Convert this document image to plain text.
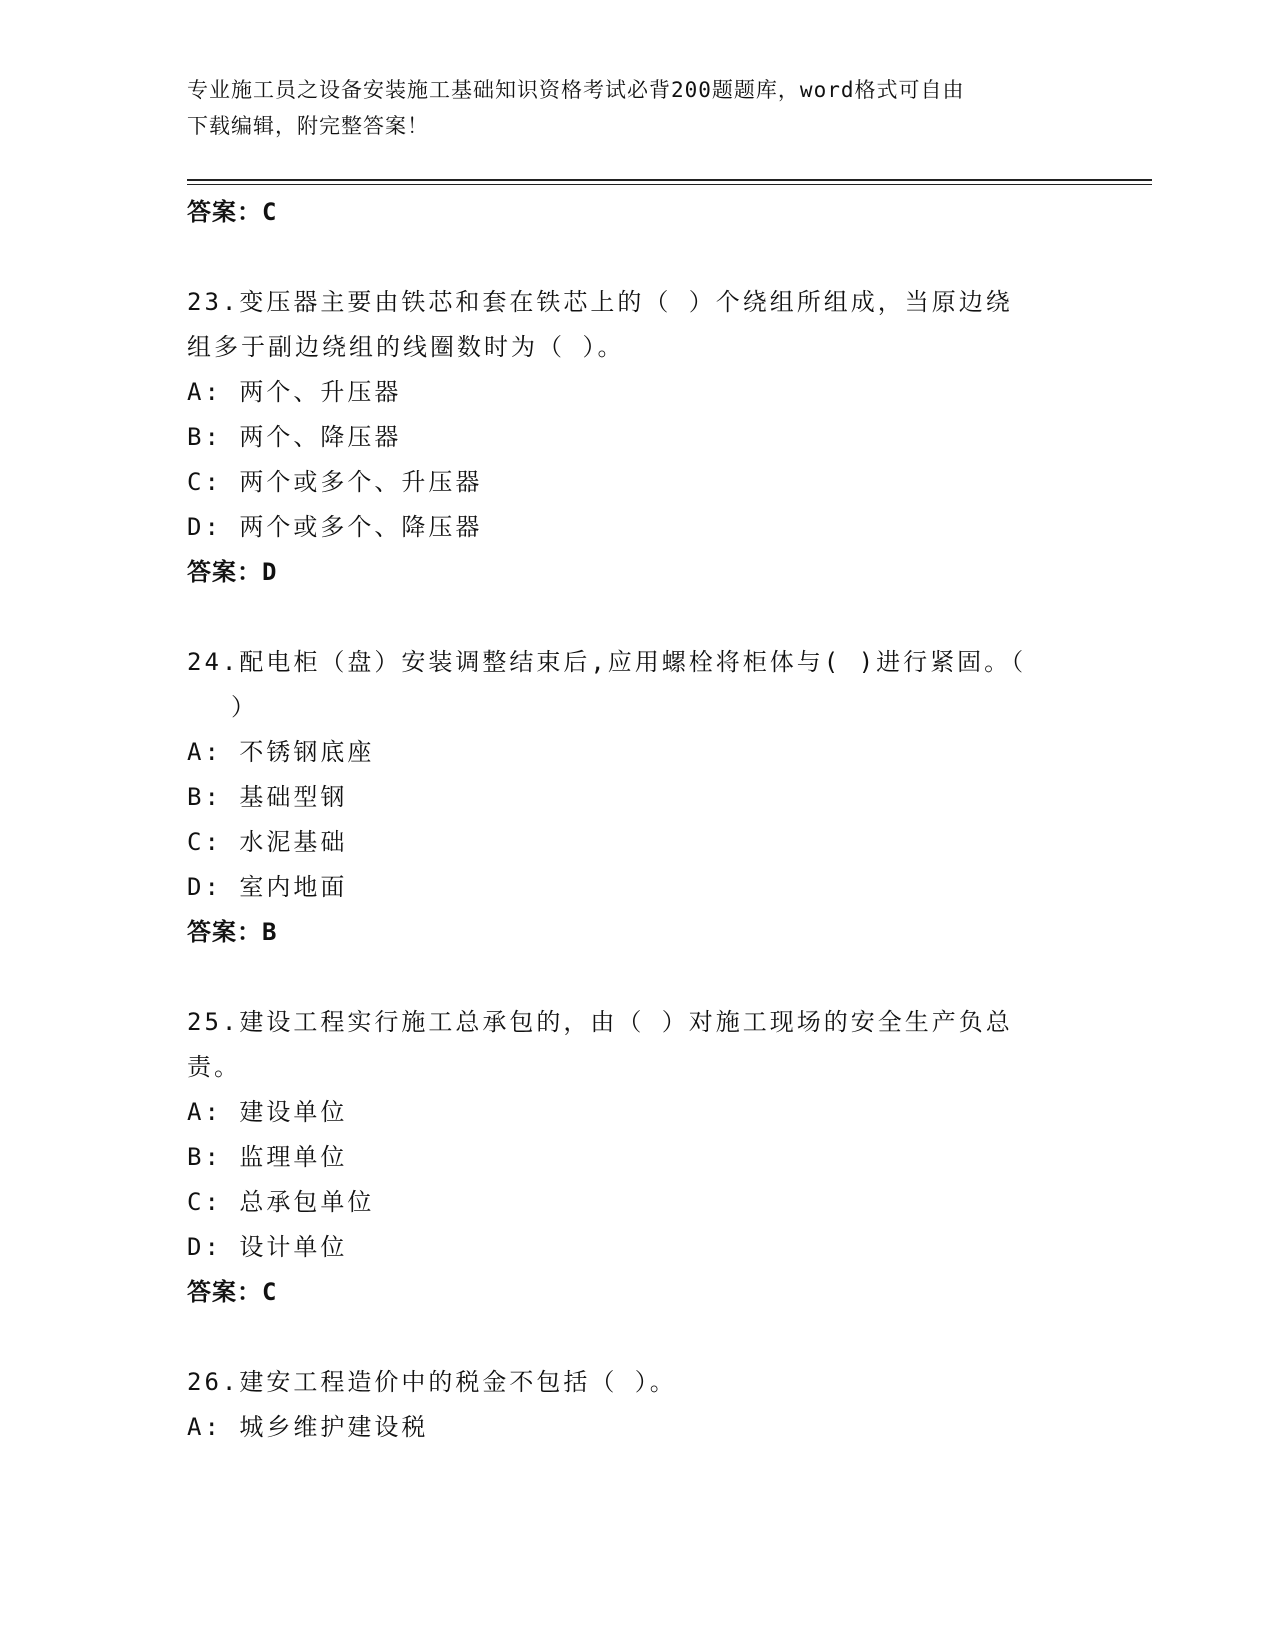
专业施工员之设备安装施工基础知识资格考试必背200题题库，word格式可自由
下载编辑，附完整答案！
答案：C
23.变压器主要由铁芯和套在铁芯上的（ ）个绕组所组成，当原边绕
组多于副边绕组的线圈数时为（ ）。
A: 两个、升压器
B: 两个、降压器
C: 两个或多个、升压器
D: 两个或多个、降压器
答案：D
24.配电柜（盘）安装调整结束后,应用螺栓将柜体与( )进行紧固。（
）
A: 不锈钢底座
B: 基础型钢
C: 水泥基础
D: 室内地面
答案：B
25.建设工程实行施工总承包的，由（ ）对施工现场的安全生产负总
责。
A: 建设单位
B: 监理单位
C: 总承包单位
D: 设计单位
答案：C
26.建安工程造价中的税金不包括（ ）。
A: 城乡维护建设税
